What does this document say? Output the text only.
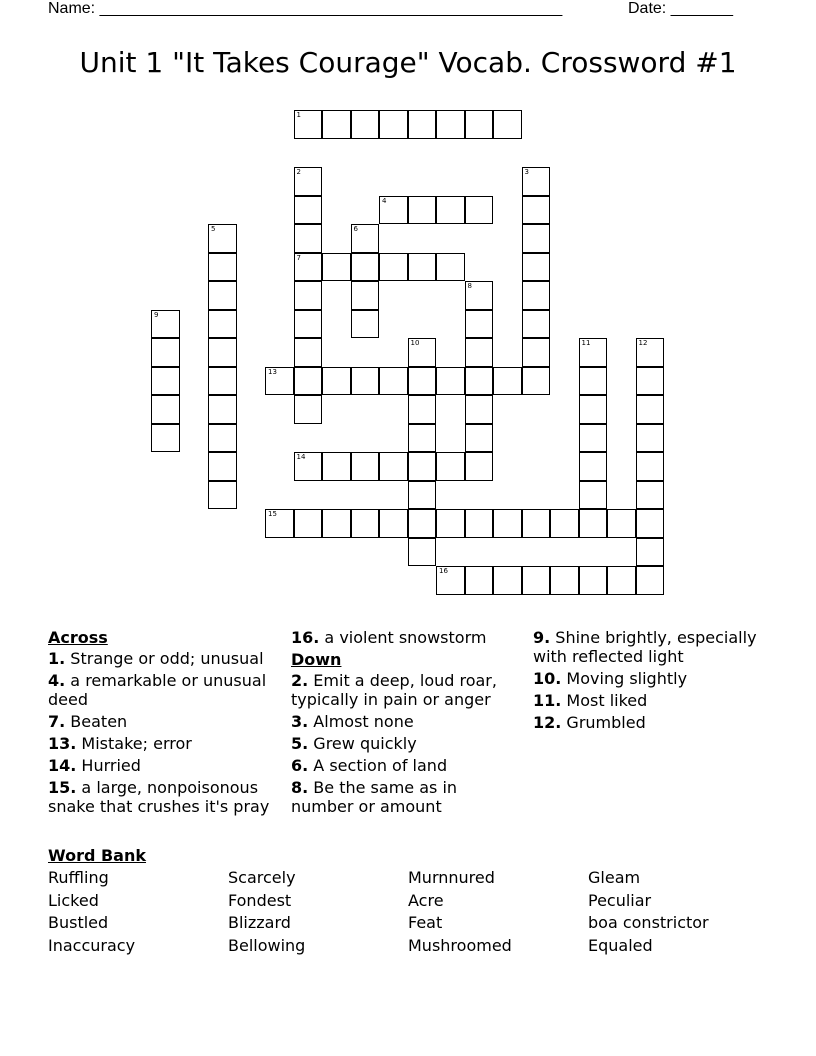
Name: ____________________________________________________	Date: _______
Unit 1 "It Takes Courage" Vocab. Crossword #1
1
2
7
3
4
5	6
8
9
10	11	12
13
14
15
16
Across
1. Strange or odd; unusual
4. a remarkable or unusual deed
7. Beaten
13. Mistake; error
14. Hurried
15. a large, nonpoisonous snake that crushes it's pray
16. a violent snowstorm
Down
2. Emit a deep, loud roar, typically in pain or anger
3. Almost none
5. Grew quickly
6. A section of land
8. Be the same as in number or amount
9. Shine brightly, especially with reflected light
10. Moving slightly
11. Most liked
12. Grumbled
Word Bank
Ruffling	Scarcely	Murnnured	Gleam
Licked	Fondest	Acre	Peculiar
Bustled	Blizzard	Feat	boa constrictor
Inaccuracy	Bellowing	Mushroomed	Equaled
